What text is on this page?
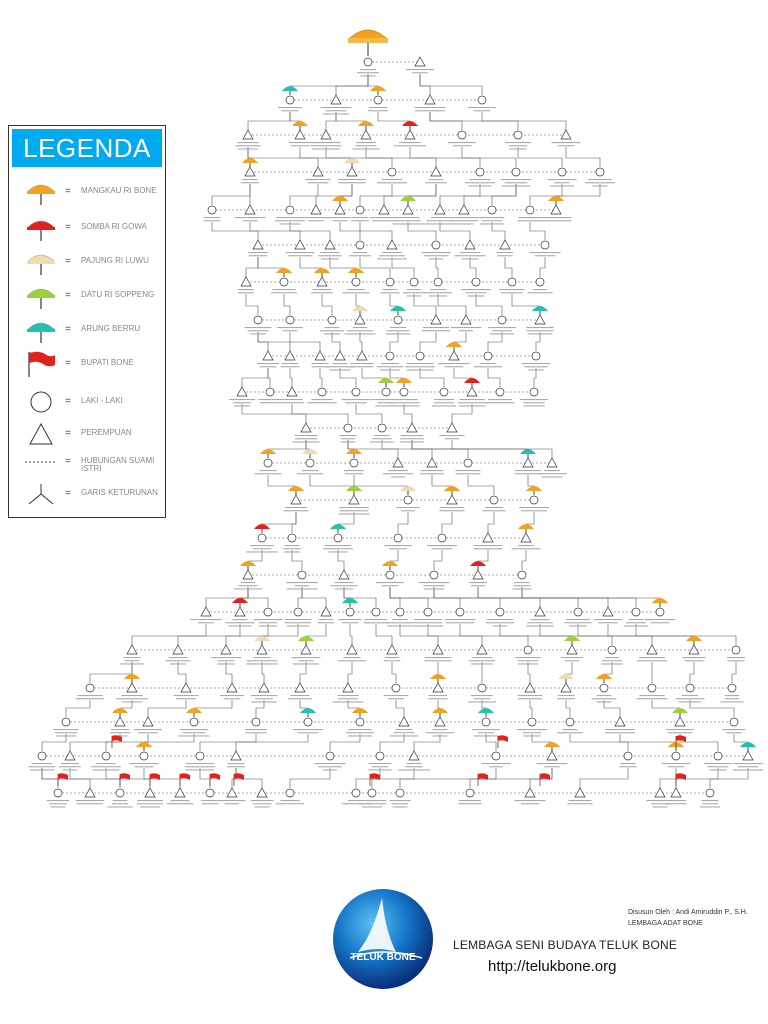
LEGENDA
= MANGKAU RI BONE
= SOMBA RI GOWA
= PAJUNG RI LUWU
= DATU RI SOPPENG
= ARUNG BERRU
= BUPATI BONE
= LAKI - LAKI
= PEREMPUAN
= HUBUNGAN SUAMI ISTRI
= GARIS KETURUNAN
Disusun Oleh : Andi Amiruddin P., S.H.
LEMBAGA ADAT BONE
TELUK BONE
LEMBAGA SENI BUDAYA TELUK BONE
http://telukbone.org
